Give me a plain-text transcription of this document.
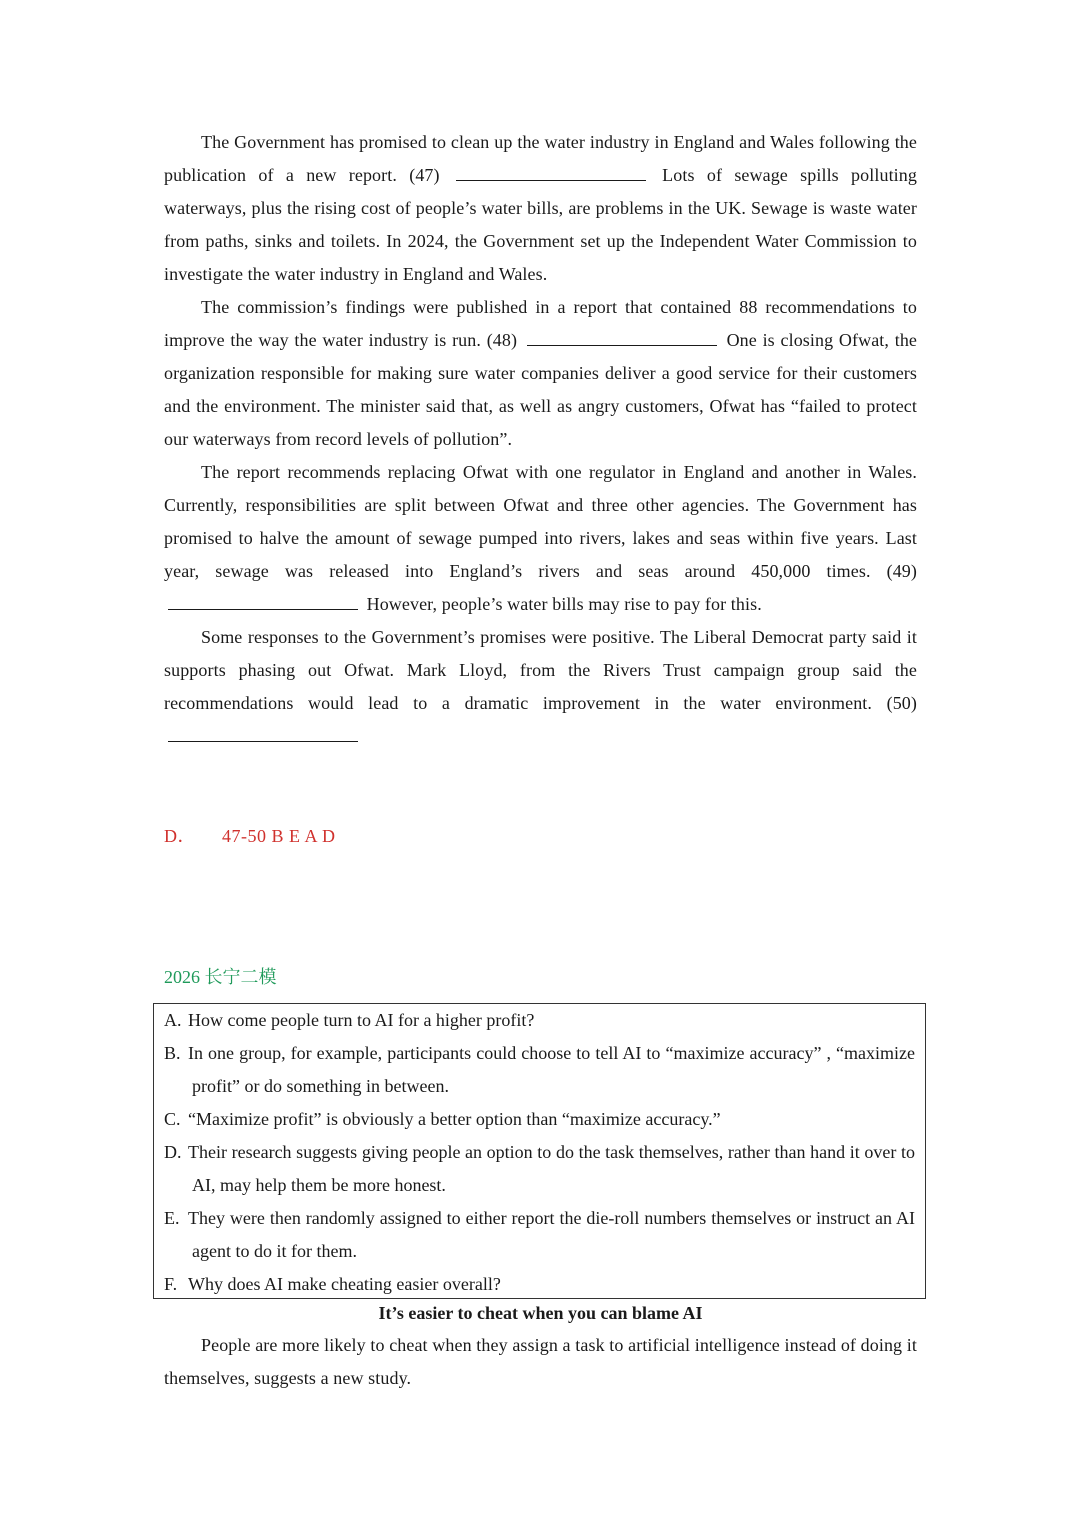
The Government has promised to clean up the water industry in England and Wales following the publication of a new report. (47)	Lots of sewage spills polluting waterways, plus the rising cost of people’s water bills, are problems in the UK. Sewage is waste water from paths, sinks and toilets. In 2024, the Government set up the Independent Water Commission to investigate the water industry in England and Wales.

The commission’s findings were published in a report that contained 88 recommendations to improve the way the water industry is run. (48)	One is closing Ofwat, the organization responsible for making sure water companies deliver a good service for their customers and the environment. The minister said that, as well as angry customers, Ofwat has “failed to protect our waterways from record levels of pollution”.

The report recommends replacing Ofwat with one regulator in England and another in Wales. Currently, responsibilities are split between Ofwat and three other agencies. The Government has promised to halve the amount of sewage pumped into rivers, lakes and seas within five years. Last year, sewage was released into England’s rivers and seas around 450,000 times. (49)  However, people’s water bills may rise to pay for this.

Some responses to the Government’s promises were positive. The Liberal Democrat party said it supports phasing out Ofwat. Mark Lloyd, from the Rivers Trust campaign group said the recommendations would lead to a dramatic improvement in the water environment. (50)

D． 47-50 B E A D
2026 长宁二模

A. How come people turn to AI for a higher profit?

B. In one group, for example, participants could choose to tell AI to “maximize accuracy” , “maximize profit” or do something in between.

C. “Maximize profit” is obviously a better option than “maximize accuracy.”

D. Their research suggests giving people an option to do the task themselves, rather than hand it over to AI, may help them be more honest.

E. They were then randomly assigned to either report the die-roll numbers themselves or instruct an AI agent to do it for them.

F. Why does AI make cheating easier overall?

It’s easier to cheat when you can blame AI

People are more likely to cheat when they assign a task to artificial intelligence instead of doing it themselves, suggests a new study.
